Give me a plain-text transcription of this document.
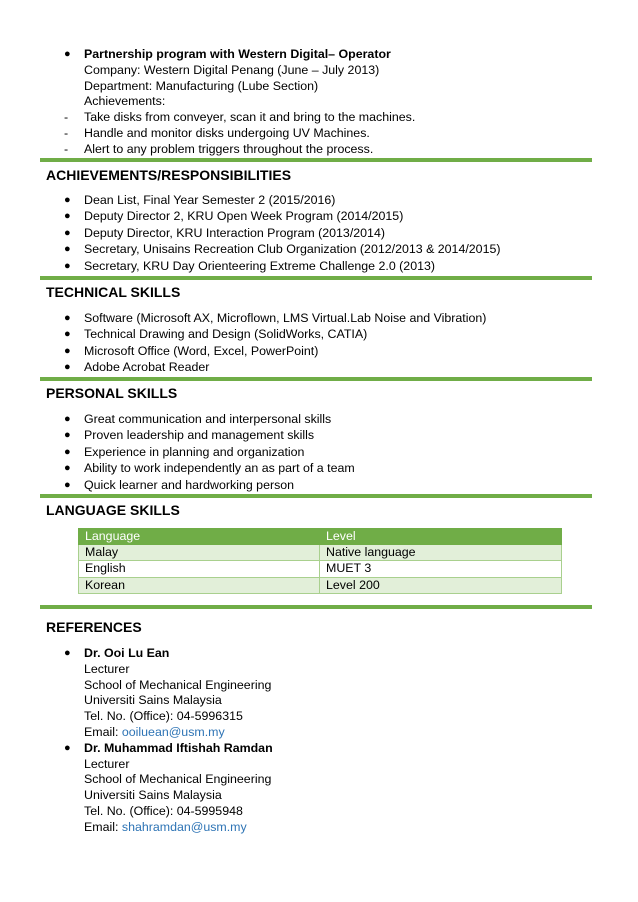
●	Partnership program with Western Digital– Operator
Company: Western Digital Penang (June – July 2013)
Department: Manufacturing (Lube Section)
Achievements:
- Take disks from conveyer, scan it and bring to the machines.
- Handle and monitor disks undergoing UV Machines.
- Alert to any problem triggers throughout the process.
ACHIEVEMENTS/RESPONSIBILITIES
● Dean List, Final Year Semester 2 (2015/2016)
● Deputy Director 2, KRU Open Week Program (2014/2015)
● Deputy Director, KRU Interaction Program (2013/2014)
● Secretary, Unisains Recreation Club Organization (2012/2013 & 2014/2015)
● Secretary, KRU Day Orienteering Extreme Challenge 2.0 (2013)
TECHNICAL SKILLS
● Software (Microsoft AX, Microflown, LMS Virtual.Lab Noise and Vibration)
● Technical Drawing and Design (SolidWorks, CATIA)
● Microsoft Office (Word, Excel, PowerPoint)
● Adobe Acrobat Reader
PERSONAL SKILLS
● Great communication and interpersonal skills
● Proven leadership and management skills
● Experience in planning and organization
● Ability to work independently an as part of a team
● Quick learner and hardworking person
LANGUAGE SKILLS
Language	Level
Malay	Native language
English	MUET 3
Korean	Level 200
REFERENCES
● Dr. Ooi Lu Ean
Lecturer
School of Mechanical Engineering
Universiti Sains Malaysia
Tel. No. (Office): 04-5996315
Email: ooiluean@usm.my
● Dr. Muhammad Iftishah Ramdan
Lecturer
School of Mechanical Engineering
Universiti Sains Malaysia
Tel. No. (Office): 04-5995948
Email: shahramdan@usm.my
